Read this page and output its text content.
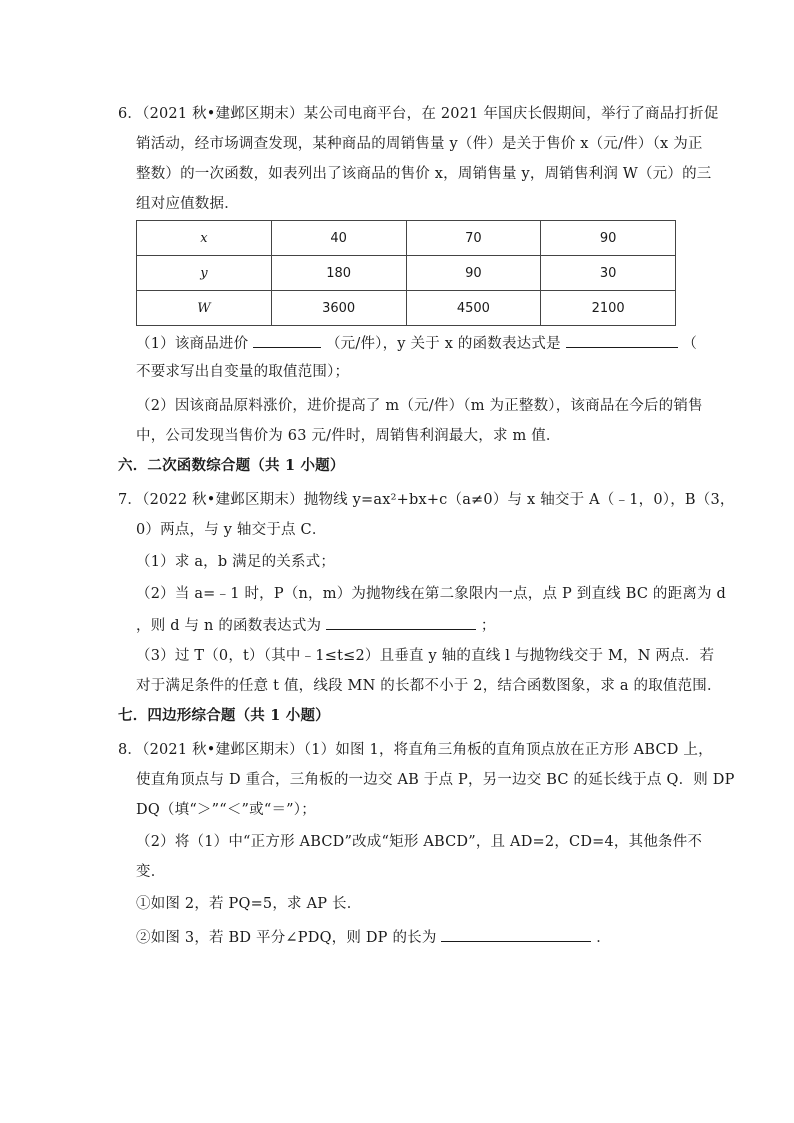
6．（2021 秋•建邺区期末）某公司电商平台，在 2021 年国庆长假期间，举行了商品打折促
销活动，经市场调查发现，某种商品的周销售量 y（件）是关于售价 x（元/件）（x 为正
整数）的一次函数，如表列出了该商品的售价 x，周销售量 y，周销售利润 W（元）的三
组对应值数据．
x	40	70	90
y	180	90	30
W	3600	4500	2100
（1）该商品进价	（元/件），y 关于 x 的函数表达式是	（
不要求写出自变量的取值范围）；
（2）因该商品原料涨价，进价提高了 m（元/件）（m 为正整数），该商品在今后的销售
中，公司发现当售价为 63 元/件时，周销售利润最大，求 m 值．
六．二次函数综合题（共 1 小题）
7．（2022 秋•建邺区期末）抛物线 y=ax²+bx+c（a≠0）与 x 轴交于 A（﹣1，0），B（3，
0）两点，与 y 轴交于点 C．
（1）求 a，b 满足的关系式；
（2）当 a=﹣1 时，P（n，m）为抛物线在第二象限内一点，点 P 到直线 BC 的距离为 d
，则 d 与 n 的函数表达式为	；
（3）过 T（0，t）（其中﹣1≤t≤2）且垂直 y 轴的直线 l 与抛物线交于 M，N 两点．若
对于满足条件的任意 t 值，线段 MN 的长都不小于 2，结合函数图象，求 a 的取值范围．
七．四边形综合题（共 1 小题）
8．（2021 秋•建邺区期末）（1）如图 1，将直角三角板的直角顶点放在正方形 ABCD 上，
使直角顶点与 D 重合，三角板的一边交 AB 于点 P，另一边交 BC 的延长线于点 Q．则 DP
DQ（填“＞”“＜”或“＝”）；
（2）将（1）中“正方形 ABCD”改成“矩形 ABCD”，且 AD=2，CD=4，其他条件不
变．
①如图 2，若 PQ=5，求 AP 长．
②如图 3，若 BD 平分∠PDQ，则 DP 的长为	．
